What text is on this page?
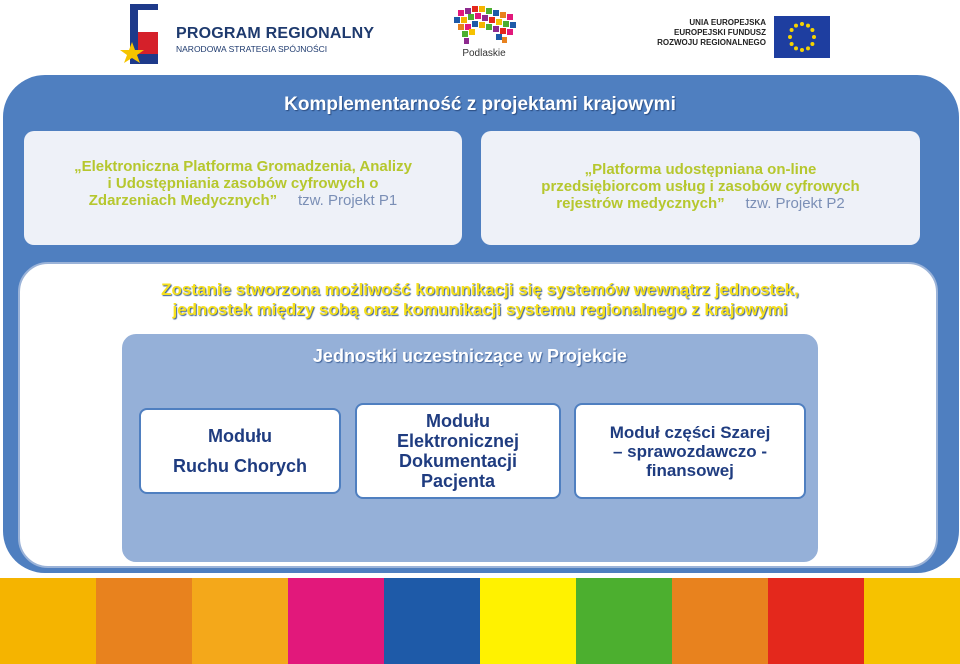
PROGRAM REGIONALNY
NARODOWA STRATEGIA SPÓJNOŚCI	Podlaskie
UNIA EUROPEJSKA
EUROPEJSKI FUNDUSZ
ROZWOJU REGIONALNEGO
Komplementarność z projektami krajowymi
„Elektroniczna Platforma Gromadzenia, Analizy
i Udostępniania zasobów cyfrowych o
Zdarzeniach Medycznych” tzw. Projekt P1
„Platforma udostępniana on-line
przedsiębiorcom usług i zasobów cyfrowych
rejestrów medycznych” tzw. Projekt P2
Zostanie stworzona możliwość komunikacji się systemów wewnątrz jednostek,
jednostek między sobą oraz komunikacji systemu regionalnego z krajowymi
Jednostki uczestniczące w Projekcie
Modułu
Ruchu Chorych
Modułu
Elektronicznej
Dokumentacji
Pacjenta
Moduł części Szarej
– sprawozdawczo -
finansowej
